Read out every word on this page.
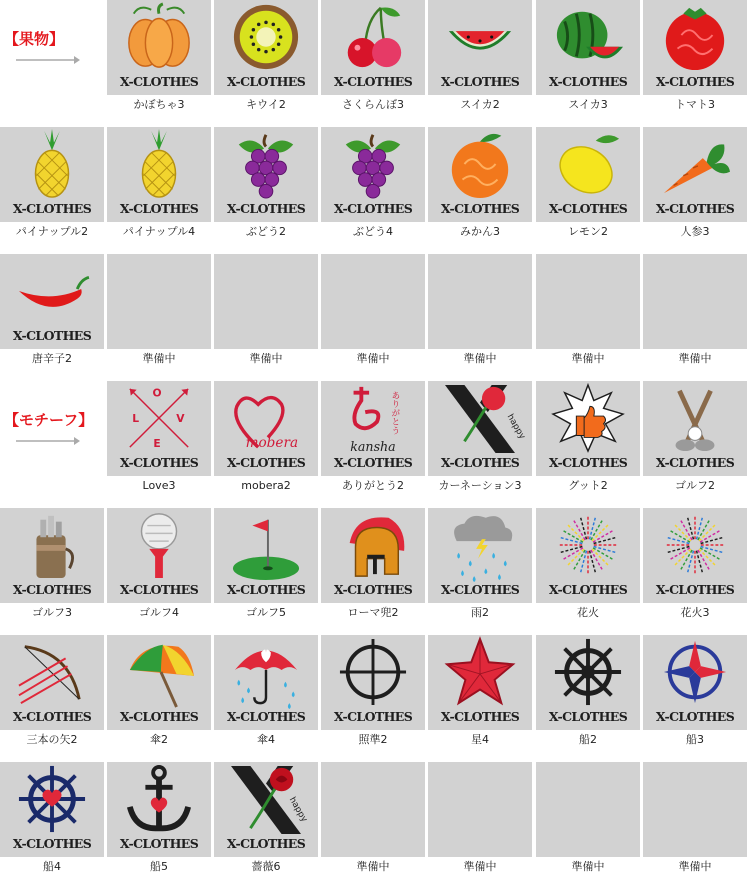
【果物】
X-CLOTHES
かぼちゃ3
X-CLOTHES
キウイ2
X-CLOTHES
さくらんぼ3
X-CLOTHES
スイカ2
X-CLOTHES
スイカ3
X-CLOTHES
トマト3
X-CLOTHES
パイナップル2
X-CLOTHES
パイナップル4
X-CLOTHES
ぶどう2
X-CLOTHES
ぶどう4
X-CLOTHES
みかん3
X-CLOTHES
レモン2
X-CLOTHES
人参3
X-CLOTHES
唐辛子2	準備中	準備中	準備中	準備中	準備中	準備中
【モチーフ】
O
L	V
E
X-CLOTHES
Love3
mobera
X-CLOTHES
mobera2
ありがとう
kansha
X-CLOTHES
ありがとう2
happy
X-CLOTHES
カーネーション3
X-CLOTHES
グット2
X-CLOTHES
ゴルフ2
X-CLOTHES
ゴルフ3
X-CLOTHES
ゴルフ4
X-CLOTHES
ゴルフ5
X-CLOTHES
ローマ兜2
X-CLOTHES
雨2
X-CLOTHES
花火
X-CLOTHES
花火3
X-CLOTHES
三本の矢2
X-CLOTHES
傘2
X-CLOTHES
傘4
X-CLOTHES
照準2
X-CLOTHES
星4
X-CLOTHES
船2
X-CLOTHES
船3
X-CLOTHES
船4
X-CLOTHES
船5
happy
X-CLOTHES
薔薇6	準備中	準備中	準備中	準備中
